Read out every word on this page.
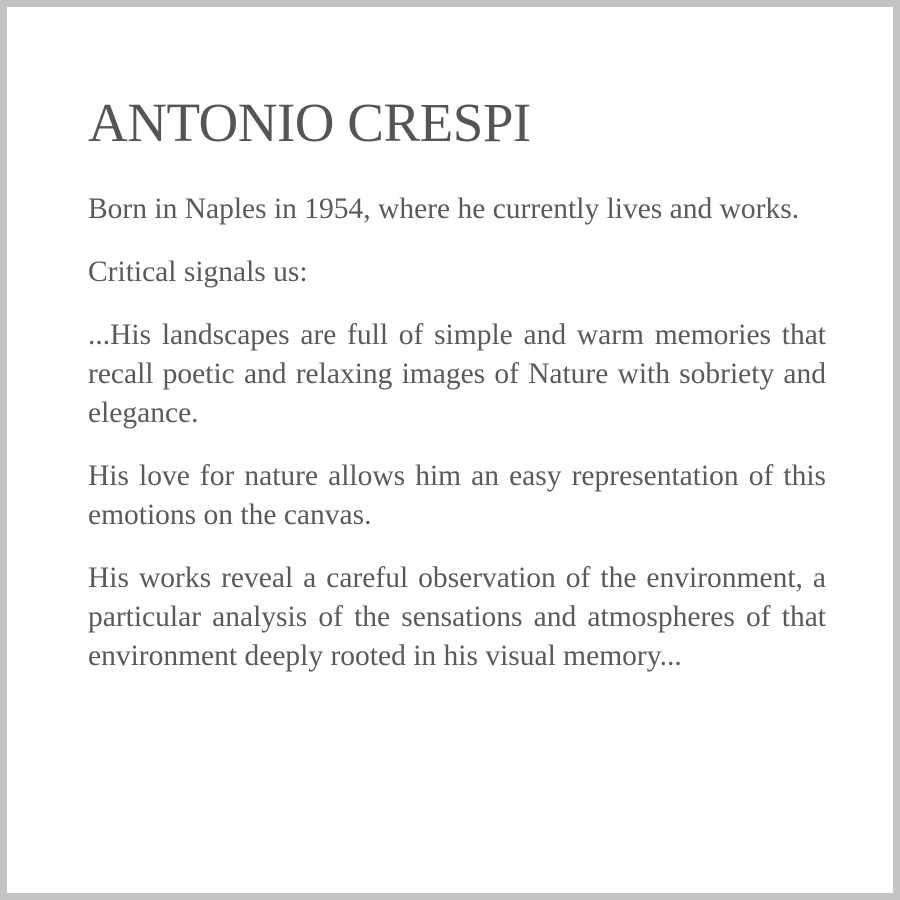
ANTONIO CRESPI

Born in Naples in 1954, where he currently lives and works.

Critical signals us:

...His landscapes are full of simple and warm memories that recall poetic and relaxing images of Nature with sobriety and elegance.

His love for nature allows him an easy representation of this emotions on the canvas.

His works reveal a careful observation of the environment, a particular analysis of the sensations and atmospheres of that environment deeply rooted in his visual memory...
